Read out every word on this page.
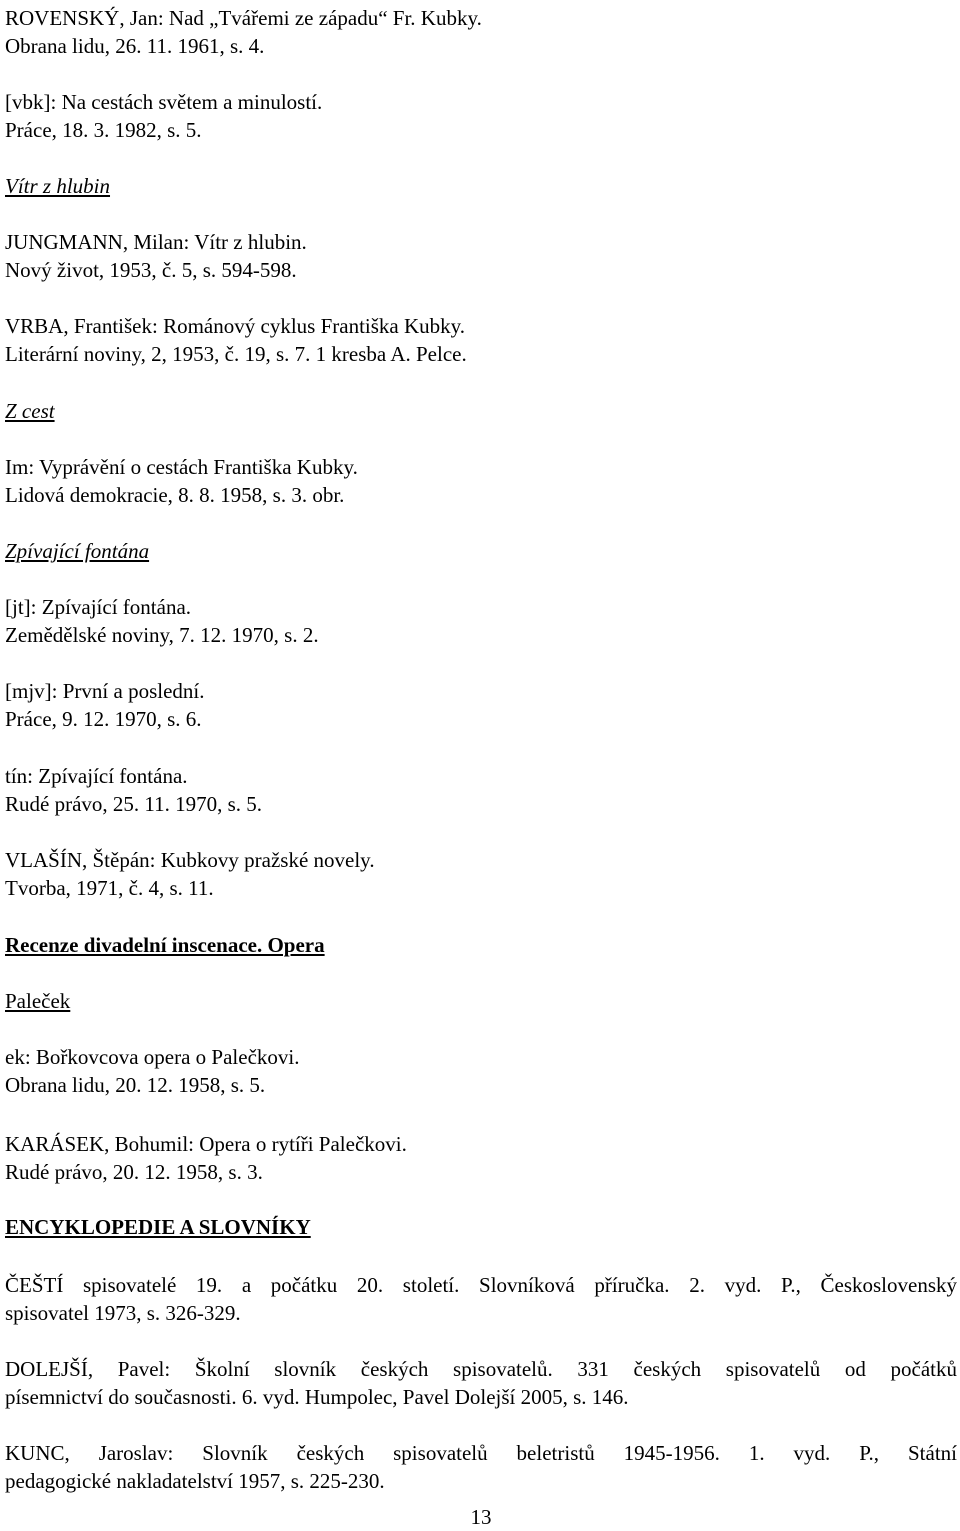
ROVENSKÝ, Jan: Nad „Tvářemi ze západu“ Fr. Kubky.
Obrana lidu, 26. 11. 1961, s. 4.
[vbk]: Na cestách světem a minulostí.
Práce, 18. 3. 1982, s. 5.
Vítr z hlubin
JUNGMANN, Milan: Vítr z hlubin.
Nový život, 1953, č. 5, s. 594-598.
VRBA, František: Románový cyklus Františka Kubky.
Literární noviny, 2, 1953, č. 19, s. 7. 1 kresba A. Pelce.
Z cest
Im: Vyprávění o cestách Františka Kubky.
Lidová demokracie, 8. 8. 1958, s. 3. obr.
Zpívající fontána
[jt]: Zpívající fontána.
Zemědělské noviny, 7. 12. 1970, s. 2.
[mjv]: První a poslední.
Práce, 9. 12. 1970, s. 6.
tín: Zpívající fontána.
Rudé právo, 25. 11. 1970, s. 5.
VLAŠÍN, Štěpán: Kubkovy pražské novely.
Tvorba, 1971, č. 4, s. 11.
Recenze divadelní inscenace. Opera
Paleček
ek: Bořkovcova opera o Palečkovi.
Obrana lidu, 20. 12. 1958, s. 5.
KARÁSEK, Bohumil: Opera o rytíři Palečkovi.
Rudé právo, 20. 12. 1958, s. 3.
ENCYKLOPEDIE A SLOVNÍKY
ČEŠTÍ spisovatelé 19. a počátku 20. století. Slovníková příručka. 2. vyd. P., Československý
spisovatel 1973, s. 326-329.
DOLEJŠÍ, Pavel: Školní slovník českých spisovatelů. 331 českých spisovatelů od počátků
písemnictví do současnosti. 6. vyd. Humpolec, Pavel Dolejší 2005, s. 146.
KUNC, Jaroslav: Slovník českých spisovatelů beletristů 1945-1956. 1. vyd. P., Státní
pedagogické nakladatelství 1957, s. 225-230.
13
